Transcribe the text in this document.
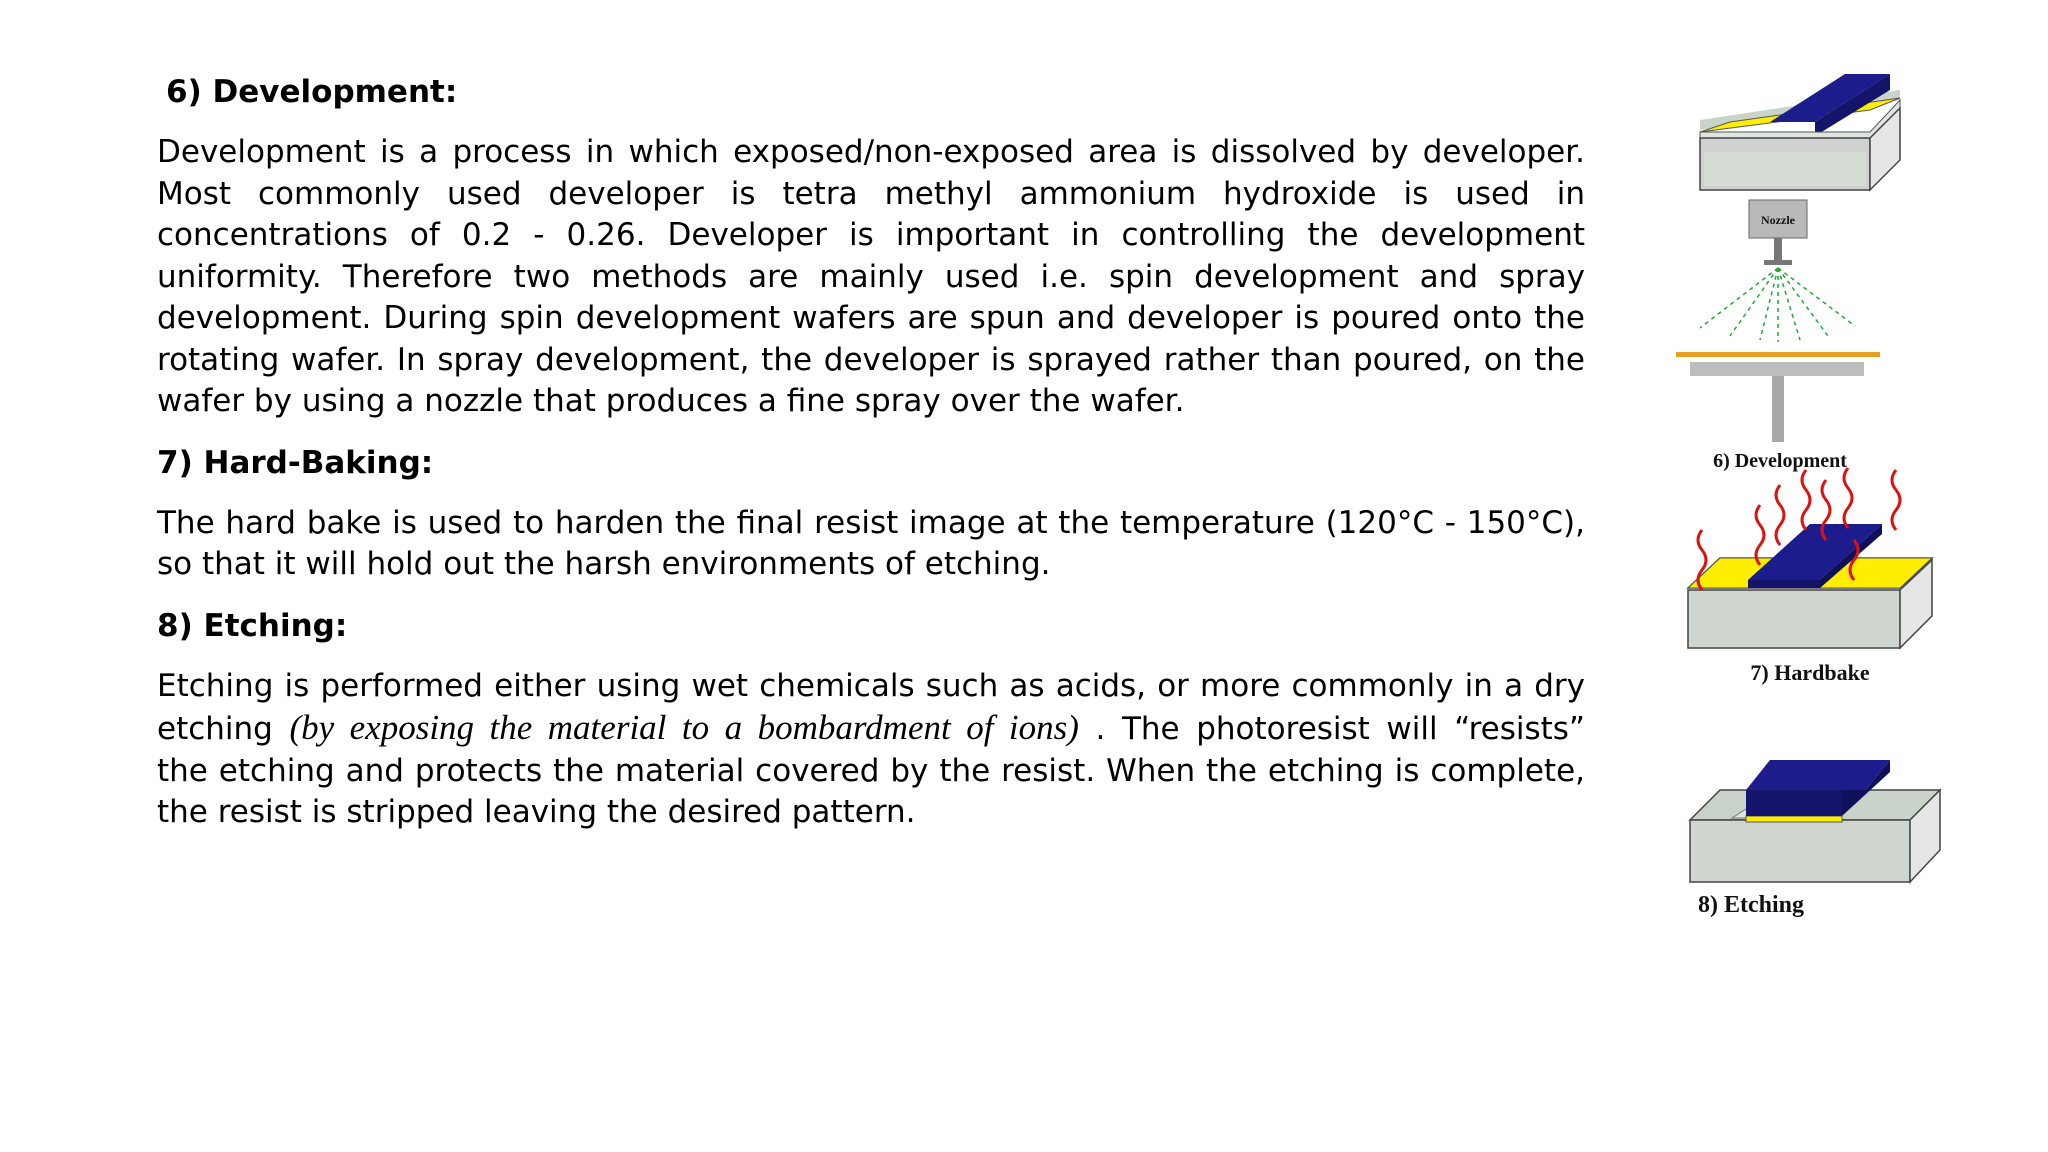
6) Development:
Development is a process in which exposed/non-exposed area is dissolved by developer.
Most commonly used developer is tetra methyl ammonium hydroxide is used in
concentrations of 0.2 - 0.26. Developer is important in controlling the development
uniformity. Therefore two methods are mainly used i.e. spin development and spray
development. During spin development wafers are spun and developer is poured onto the
rotating wafer. In spray development, the developer is sprayed rather than poured, on the
wafer by using a nozzle that produces a fine spray over the wafer.
7) Hard-Baking:
The hard bake is used to harden the final resist image at the temperature (120°C - 150°C),
so that it will hold out the harsh environments of etching.
8) Etching:
Etching is performed either using wet chemicals such as acids, or more commonly in a dry
etching (by exposing the material to a bombardment of ions) . The photoresist will “resists”
the etching and protects the material covered by the resist. When the etching is complete,
the resist is stripped leaving the desired pattern.
Nozzle
6) Development
7) Hardbake
8) Etching
